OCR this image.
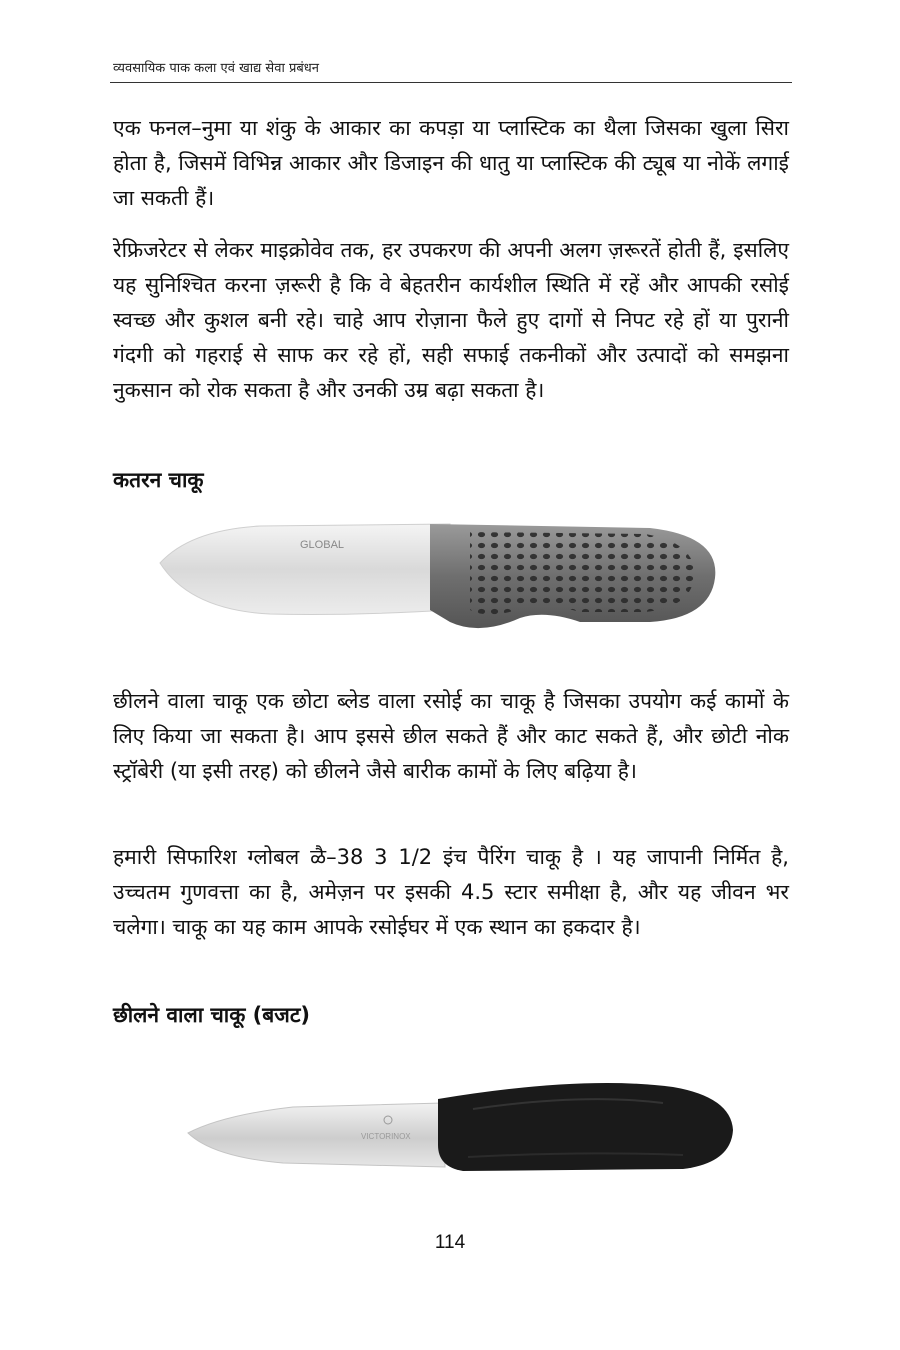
व्यवसायिक पाक कला एवं खाद्य सेवा प्रबंधन

एक फनल–नुमा या शंकु के आकार का कपड़ा या प्लास्टिक का थैला जिसका खुला सिरा होता है, जिसमें विभिन्न आकार और डिजाइन की धातु या प्लास्टिक की ट्यूब या नोकें लगाई जा सकती हैं।

रेफ्रिजरेटर से लेकर माइक्रोवेव तक, हर उपकरण की अपनी अलग ज़रूरतें होती हैं, इसलिए यह सुनिश्चित करना ज़रूरी है कि वे बेहतरीन कार्यशील स्थिति में रहें और आपकी रसोई स्वच्छ और कुशल बनी रहे। चाहे आप रोज़ाना फैले हुए दागों से निपट रहे हों या पुरानी गंदगी को गहराई से साफ कर रहे हों, सही सफाई तकनीकों और उत्पादों को समझना नुकसान को रोक सकता है और उनकी उम्र बढ़ा सकता है।

कतरन चाकू
GLOBAL

छीलने वाला चाकू एक छोटा ब्लेड वाला रसोई का चाकू है जिसका उपयोग कई कामों के लिए किया जा सकता है। आप इससे छील सकते हैं और काट सकते हैं, और छोटी नोक स्ट्रॉबेरी (या इसी तरह) को छीलने जैसे बारीक कामों के लिए बढ़िया है।

हमारी सिफारिश ग्लोबल ळै–38 3 1/2 इंच पैरिंग चाकू है । यह जापानी निर्मित है, उच्चतम गुणवत्ता का है, अमेज़न पर इसकी 4.5 स्टार समीक्षा है, और यह जीवन भर चलेगा। चाकू का यह काम आपके रसोईघर में एक स्थान का हकदार है।

छीलने वाला चाकू (बजट)
VICTORINOX
114
